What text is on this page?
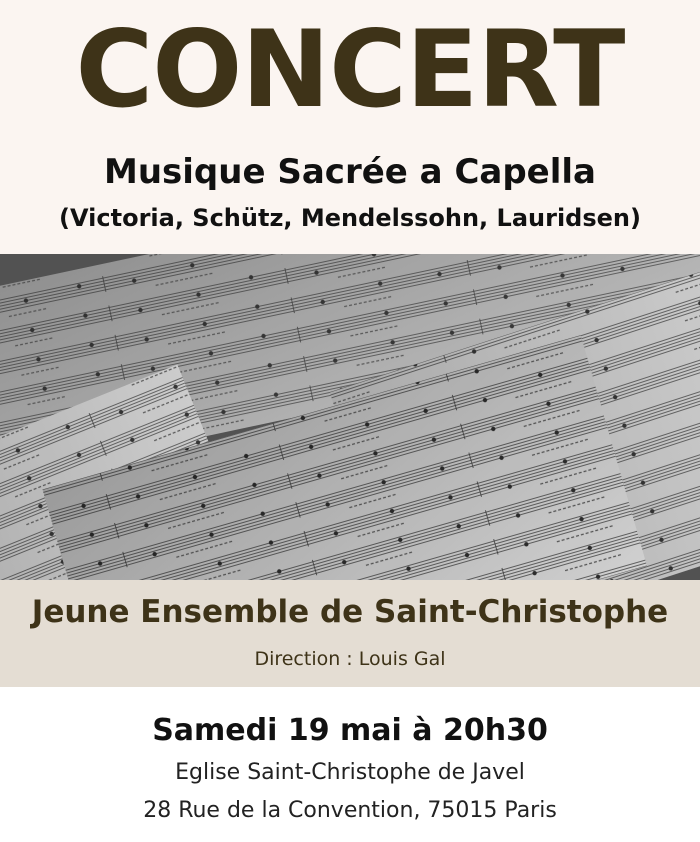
CONCERT
Musique Sacrée a Capella
(Victoria, Schütz, Mendelssohn, Lauridsen)
Jeune Ensemble de Saint-Christophe
Direction : Louis Gal
Samedi 19 mai à 20h30
Eglise Saint-Christophe de Javel
28 Rue de la Convention, 75015 Paris
